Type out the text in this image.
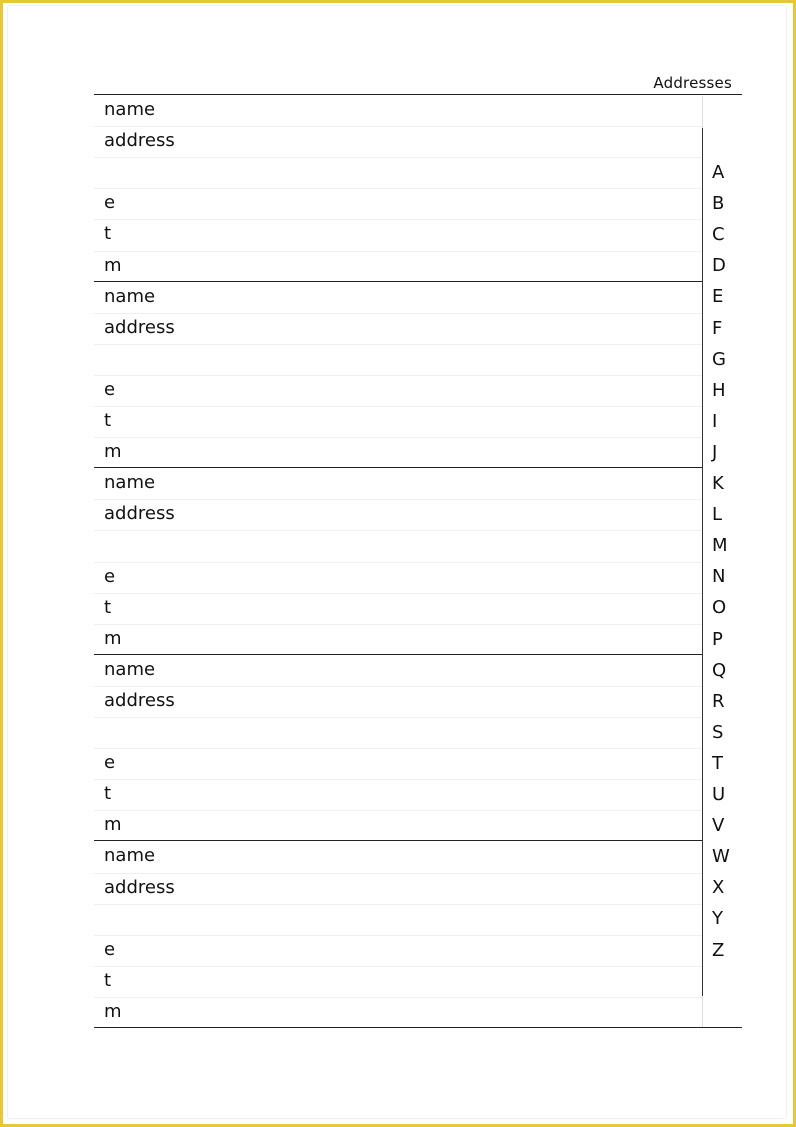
Addresses
name
address
e
t
m
name
address
e
t
m
name
address
e
t
m
name
address
e
t
m
name
address
e
t
m
A
B
C
D
E
F
G
H
I
J
K
L
M
N
O
P
Q
R
S
T
U
V
W
X
Y
Z
